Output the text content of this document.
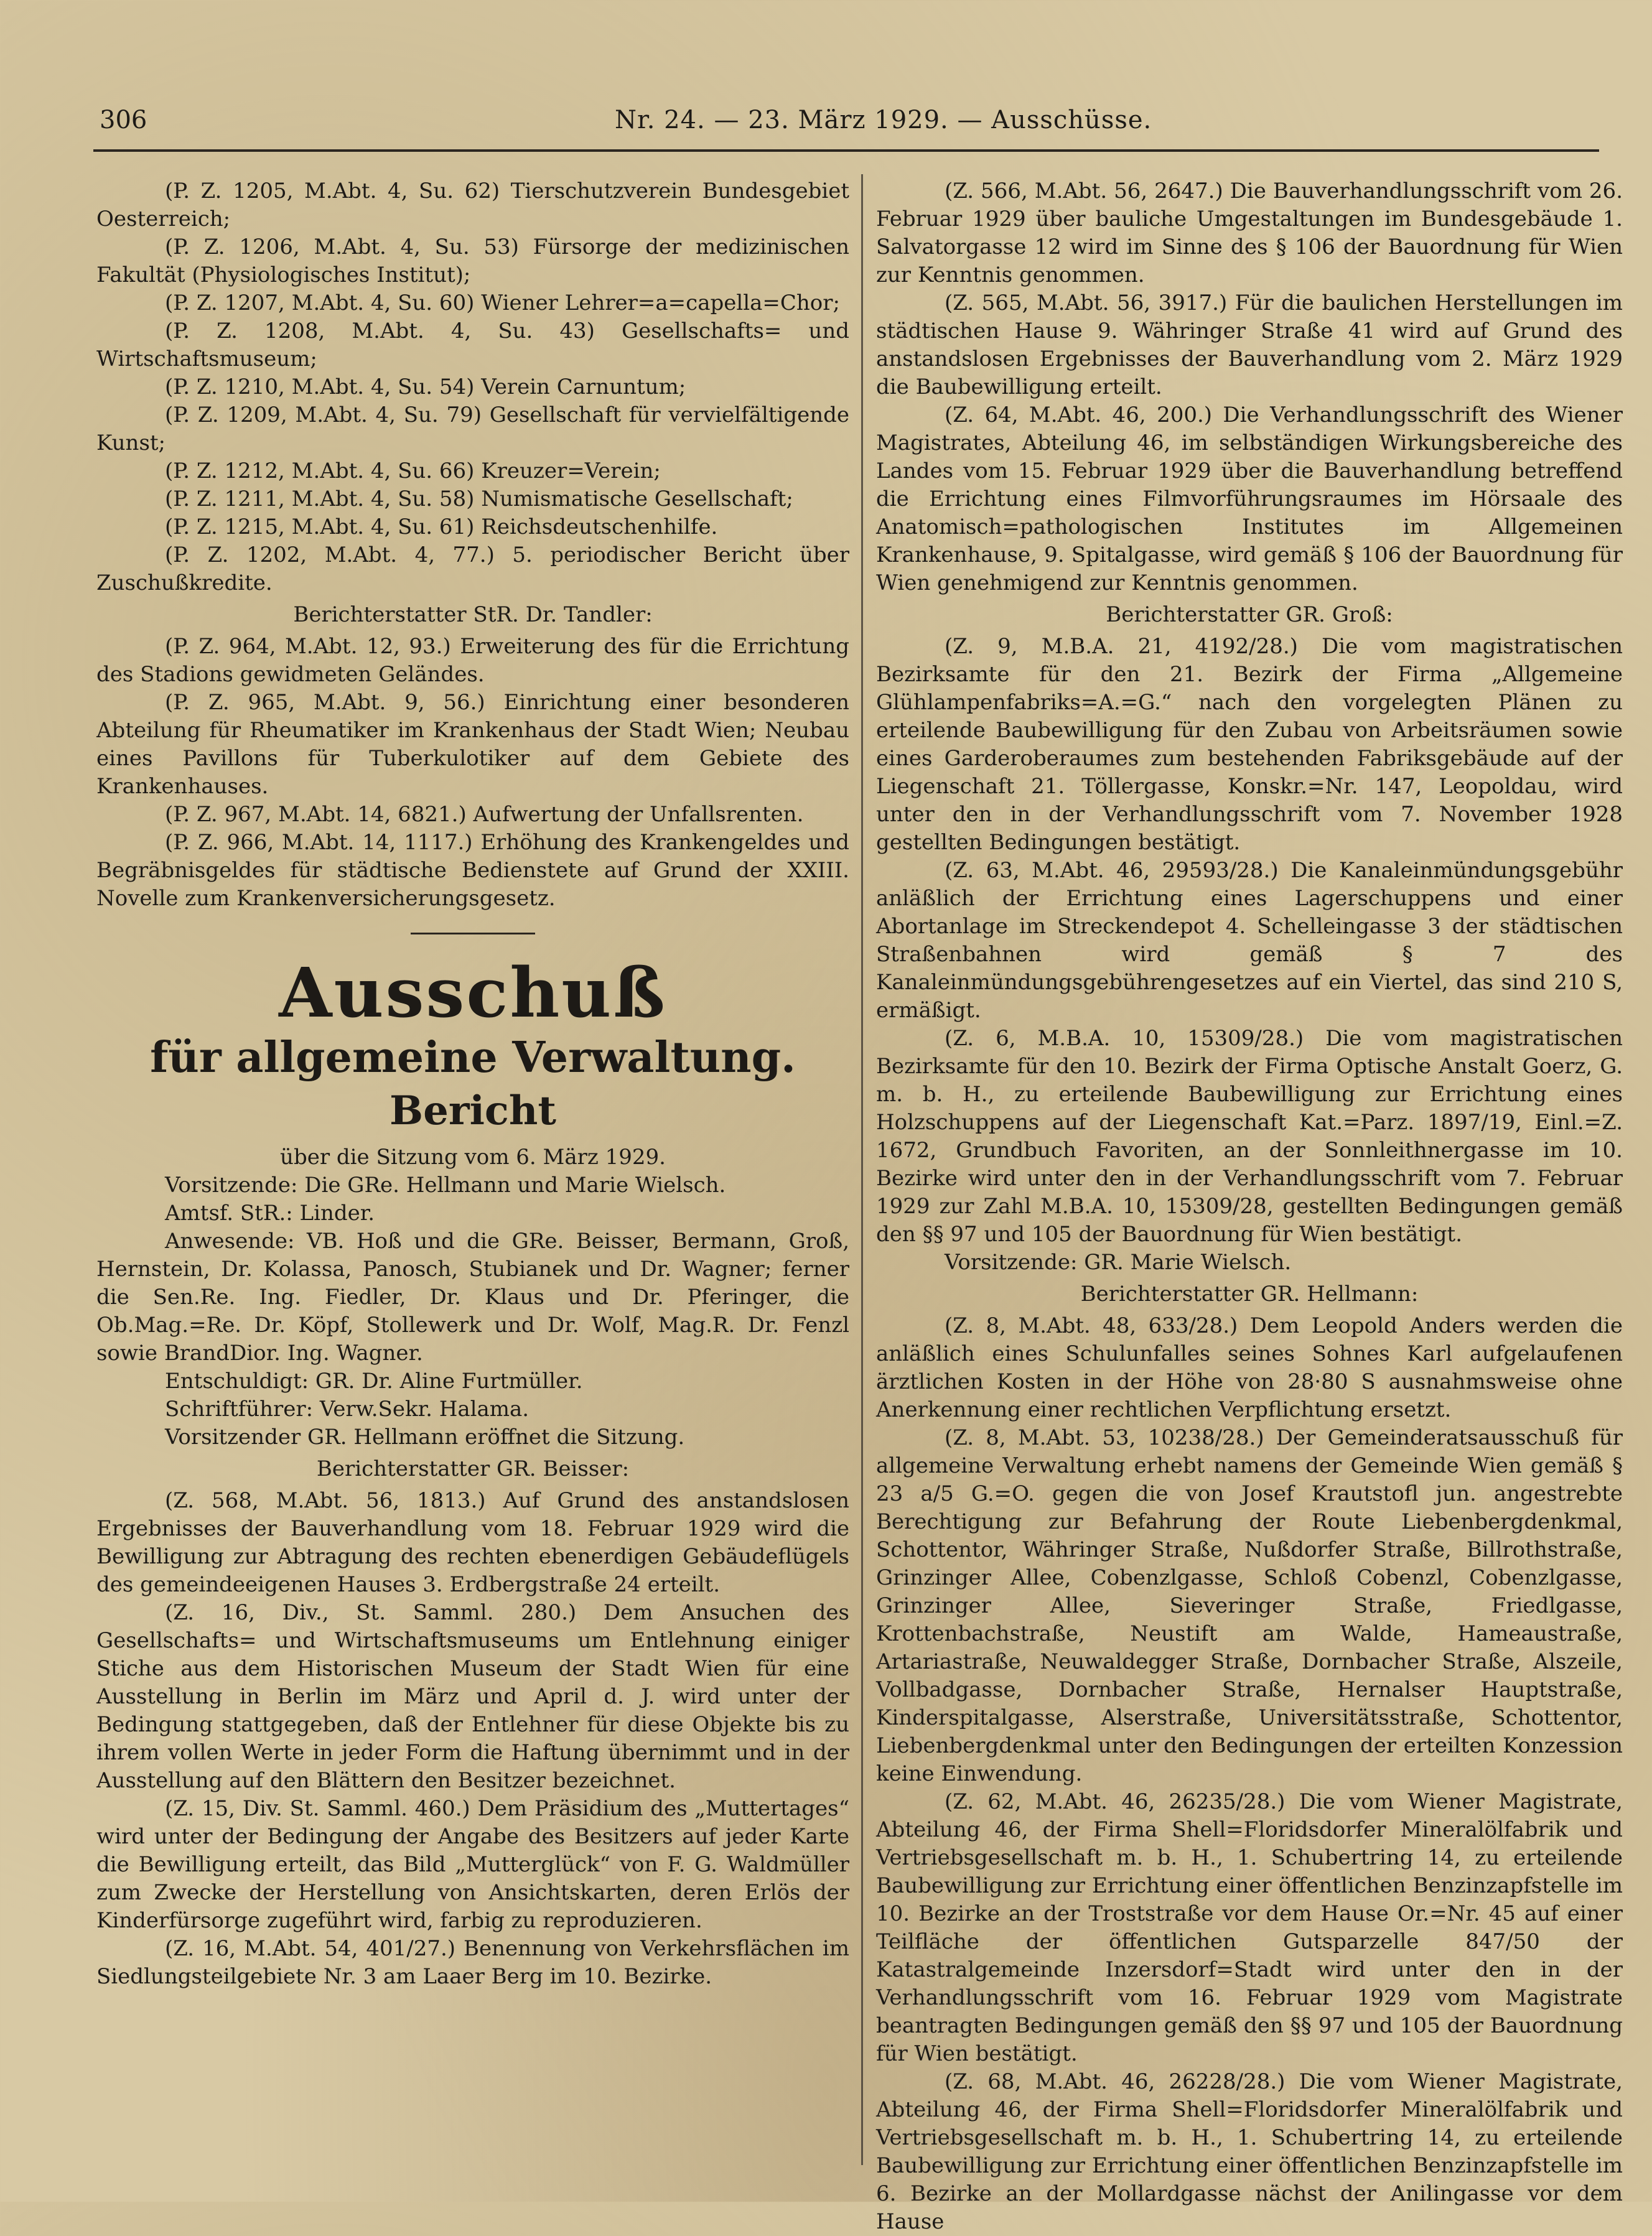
306	Nr. 24. — 23. März 1929. — Ausschüsse.

(P. Z. 1205, M.Abt. 4, Su. 62) Tierschutzverein Bundesgebiet Oesterreich;

(P. Z. 1206, M.Abt. 4, Su. 53) Fürsorge der medizinischen Fakultät (Physiologisches Institut);

(P. Z. 1207, M.Abt. 4, Su. 60) Wiener Lehrer=a=capella=Chor;

(P. Z. 1208, M.Abt. 4, Su. 43) Gesellschafts= und Wirtschaftsmuseum;

(P. Z. 1210, M.Abt. 4, Su. 54) Verein Carnuntum;

(P. Z. 1209, M.Abt. 4, Su. 79) Gesellschaft für vervielfältigende Kunst;

(P. Z. 1212, M.Abt. 4, Su. 66) Kreuzer=Verein;

(P. Z. 1211, M.Abt. 4, Su. 58) Numismatische Gesellschaft;

(P. Z. 1215, M.Abt. 4, Su. 61) Reichsdeutschenhilfe.

(P. Z. 1202, M.Abt. 4, 77.) 5. periodischer Bericht über Zuschußkredite.

Berichterstatter StR. Dr. Tandler:

(P. Z. 964, M.Abt. 12, 93.) Erweiterung des für die Errichtung des Stadions gewidmeten Geländes.

(P. Z. 965, M.Abt. 9, 56.) Einrichtung einer besonderen Abteilung für Rheumatiker im Krankenhaus der Stadt Wien; Neubau eines Pavillons für Tuberkulotiker auf dem Gebiete des Krankenhauses.

(P. Z. 967, M.Abt. 14, 6821.) Aufwertung der Unfallsrenten.

(P. Z. 966, M.Abt. 14, 1117.) Erhöhung des Krankengeldes und Begräbnisgeldes für städtische Bedienstete auf Grund der XXIII. Novelle zum Krankenversicherungsgesetz.

Ausschuß

für allgemeine Verwaltung.

Bericht

über die Sitzung vom 6. März 1929.

Vorsitzende: Die GRe. Hellmann und Marie Wielsch.

Amtsf. StR.: Linder.

Anwesende: VB. Hoß und die GRe. Beisser, Bermann, Groß, Hernstein, Dr. Kolassa, Panosch, Stubianek und Dr. Wagner; ferner die Sen.Re. Ing. Fiedler, Dr. Klaus und Dr. Pferinger, die Ob.Mag.=Re. Dr. Köpf, Stollewerk und Dr. Wolf, Mag.R. Dr. Fenzl sowie BrandDior. Ing. Wagner.

Entschuldigt: GR. Dr. Aline Furtmüller.

Schriftführer: Verw.Sekr. Halama.

Vorsitzender GR. Hellmann eröffnet die Sitzung.

Berichterstatter GR. Beisser:

(Z. 568, M.Abt. 56, 1813.) Auf Grund des anstandslosen Ergebnisses der Bauverhandlung vom 18. Februar 1929 wird die Bewilligung zur Abtragung des rechten ebenerdigen Gebäudeflügels des gemeindeeigenen Hauses 3. Erdbergstraße 24 erteilt.

(Z. 16, Div., St. Samml. 280.) Dem Ansuchen des Gesellschafts= und Wirtschaftsmuseums um Entlehnung einiger Stiche aus dem Historischen Museum der Stadt Wien für eine Ausstellung in Berlin im März und April d. J. wird unter der Bedingung stattgegeben, daß der Entlehner für diese Objekte bis zu ihrem vollen Werte in jeder Form die Haftung übernimmt und in der Ausstellung auf den Blättern den Besitzer bezeichnet.

(Z. 15, Div. St. Samml. 460.) Dem Präsidium des „Muttertages“ wird unter der Bedingung der Angabe des Besitzers auf jeder Karte die Bewilligung erteilt, das Bild „Mutterglück“ von F. G. Waldmüller zum Zwecke der Herstellung von Ansichtskarten, deren Erlös der Kinderfürsorge zugeführt wird, farbig zu reproduzieren.

(Z. 16, M.Abt. 54, 401/27.) Benennung von Verkehrsflächen im Siedlungsteilgebiete Nr. 3 am Laaer Berg im 10. Bezirke.

(Z. 566, M.Abt. 56, 2647.) Die Bauverhandlungsschrift vom 26. Februar 1929 über bauliche Umgestaltungen im Bundesgebäude 1. Salvatorgasse 12 wird im Sinne des § 106 der Bauordnung für Wien zur Kenntnis genommen.

(Z. 565, M.Abt. 56, 3917.) Für die baulichen Herstellungen im städtischen Hause 9. Währinger Straße 41 wird auf Grund des anstandslosen Ergebnisses der Bauverhandlung vom 2. März 1929 die Baubewilligung erteilt.

(Z. 64, M.Abt. 46, 200.) Die Verhandlungsschrift des Wiener Magistrates, Abteilung 46, im selbständigen Wirkungsbereiche des Landes vom 15. Februar 1929 über die Bauverhandlung betreffend die Errichtung eines Filmvorführungsraumes im Hörsaale des Anatomisch=pathologischen Institutes im Allgemeinen Krankenhause, 9. Spitalgasse, wird gemäß § 106 der Bauordnung für Wien genehmigend zur Kenntnis genommen.

Berichterstatter GR. Groß:

(Z. 9, M.B.A. 21, 4192/28.) Die vom magistratischen Bezirksamte für den 21. Bezirk der Firma „Allgemeine Glühlampenfabriks=A.=G.“ nach den vorgelegten Plänen zu erteilende Baubewilligung für den Zubau von Arbeitsräumen sowie eines Garderoberaumes zum bestehenden Fabriksgebäude auf der Liegenschaft 21. Töllergasse, Konskr.=Nr. 147, Leopoldau, wird unter den in der Verhandlungsschrift vom 7. November 1928 gestellten Bedingungen bestätigt.

(Z. 63, M.Abt. 46, 29593/28.) Die Kanaleinmündungsgebühr anläßlich der Errichtung eines Lagerschuppens und einer Abortanlage im Streckendepot 4. Schelleingasse 3 der städtischen Straßenbahnen wird gemäß § 7 des Kanaleinmündungsgebührengesetzes auf ein Viertel, das sind 210 S, ermäßigt.

(Z. 6, M.B.A. 10, 15309/28.) Die vom magistratischen Bezirksamte für den 10. Bezirk der Firma Optische Anstalt Goerz, G. m. b. H., zu erteilende Baubewilligung zur Errichtung eines Holzschuppens auf der Liegenschaft Kat.=Parz. 1897/19, Einl.=Z. 1672, Grundbuch Favoriten, an der Sonnleithnergasse im 10. Bezirke wird unter den in der Verhandlungsschrift vom 7. Februar 1929 zur Zahl M.B.A. 10, 15309/28, gestellten Bedingungen gemäß den §§ 97 und 105 der Bauordnung für Wien bestätigt.

Vorsitzende: GR. Marie Wielsch.

Berichterstatter GR. Hellmann:

(Z. 8, M.Abt. 48, 633/28.) Dem Leopold Anders werden die anläßlich eines Schulunfalles seines Sohnes Karl aufgelaufenen ärztlichen Kosten in der Höhe von 28·80 S ausnahmsweise ohne Anerkennung einer rechtlichen Verpflichtung ersetzt.

(Z. 8, M.Abt. 53, 10238/28.) Der Gemeinderatsausschuß für allgemeine Verwaltung erhebt namens der Gemeinde Wien gemäß § 23 a/5 G.=O. gegen die von Josef Krautstofl jun. angestrebte Berechtigung zur Befahrung der Route Liebenbergdenkmal, Schottentor, Währinger Straße, Nußdorfer Straße, Billrothstraße, Grinzinger Allee, Cobenzlgasse, Schloß Cobenzl, Cobenzlgasse, Grinzinger Allee, Sieveringer Straße, Friedlgasse, Krottenbachstraße, Neustift am Walde, Hameaustraße, Artariastraße, Neuwaldegger Straße, Dornbacher Straße, Alszeile, Vollbadgasse, Dornbacher Straße, Hernalser Hauptstraße, Kinderspitalgasse, Alserstraße, Universitätsstraße, Schottentor, Liebenbergdenkmal unter den Bedingungen der erteilten Konzession keine Einwendung.

(Z. 62, M.Abt. 46, 26235/28.) Die vom Wiener Magistrate, Abteilung 46, der Firma Shell=Floridsdorfer Mineralölfabrik und Vertriebsgesellschaft m. b. H., 1. Schubertring 14, zu erteilende Baubewilligung zur Errichtung einer öffentlichen Benzinzapfstelle im 10. Bezirke an der Troststraße vor dem Hause Or.=Nr. 45 auf einer Teilfläche der öffentlichen Gutsparzelle 847/50 der Katastralgemeinde Inzersdorf=Stadt wird unter den in der Verhandlungsschrift vom 16. Februar 1929 vom Magistrate beantragten Bedingungen gemäß den §§ 97 und 105 der Bauordnung für Wien bestätigt.

(Z. 68, M.Abt. 46, 26228/28.) Die vom Wiener Magistrate, Abteilung 46, der Firma Shell=Floridsdorfer Mineralölfabrik und Vertriebsgesellschaft m. b. H., 1. Schubertring 14, zu erteilende Baubewilligung zur Errichtung einer öffentlichen Benzinzapfstelle im 6. Bezirke an der Mollardgasse nächst der Anilingasse vor dem Hause
